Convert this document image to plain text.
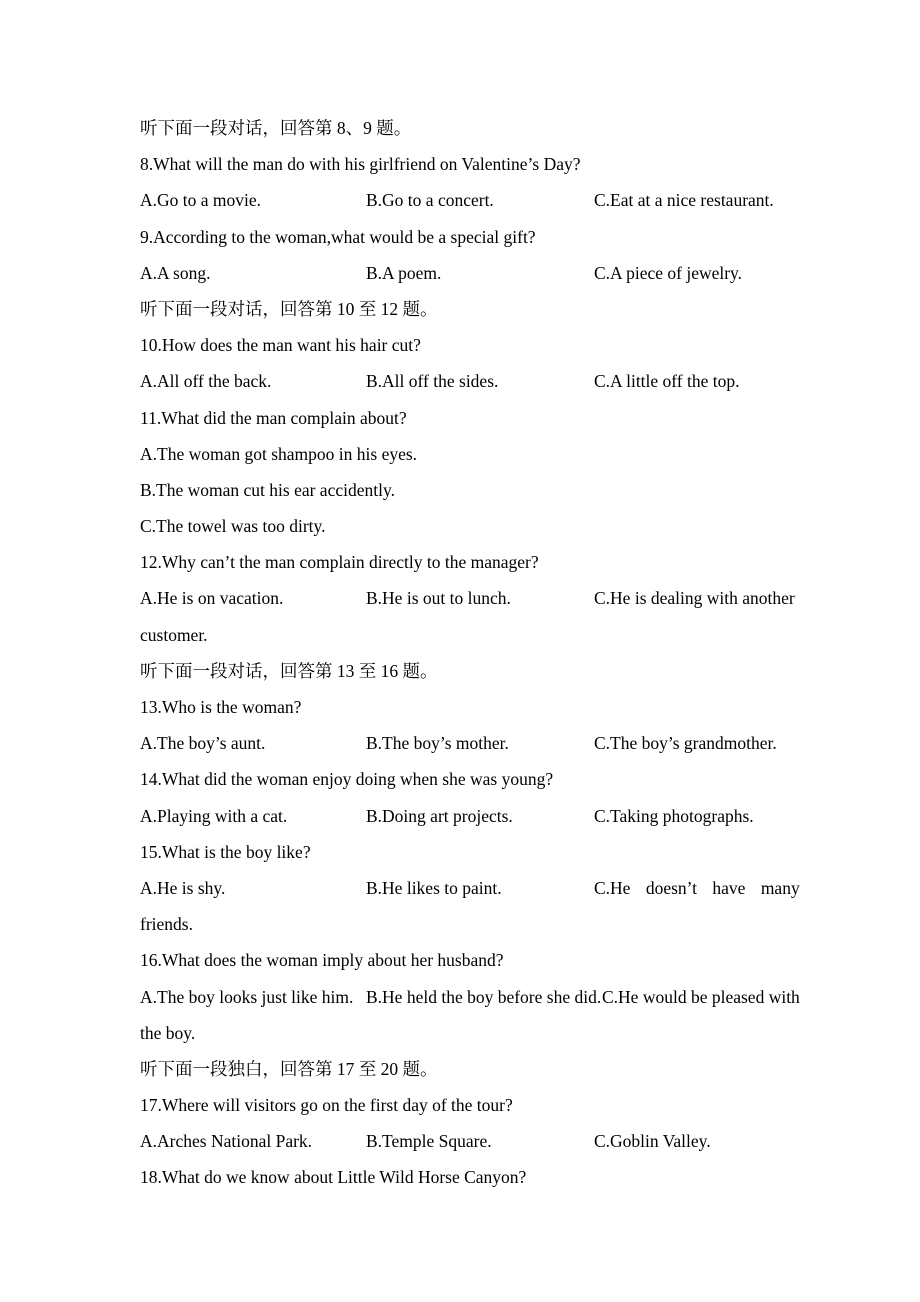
听下面一段对话，回答第 8、9 题。
8.What will the man do with his girlfriend on Valentine’s Day?
A.Go to a movie.	B.Go to a concert.	C.Eat at a nice restaurant.
9.According to the woman,what would be a special gift?
A.A song.	B.A poem.	C.A piece of jewelry.
听下面一段对话，回答第 10 至 12 题。
10.How does the man want his hair cut?
A.All off the back.	B.All off the sides.	C.A little off the top.
11.What did the man complain about?
A.The woman got shampoo in his eyes.
B.The woman cut his ear accidently.
C.The towel was too dirty.
12.Why can’t the man complain directly to the manager?
A.He is on vacation.	B.He is out to lunch.	C.He is dealing with another
customer.
听下面一段对话，回答第 13 至 16 题。
13.Who is the woman?
A.The boy’s aunt.	B.The boy’s mother.	C.The boy’s grandmother.
14.What did the woman enjoy doing when she was young?
A.Playing with a cat.	B.Doing art projects.	C.Taking photographs.
15.What is the boy like?
A.He is shy.	B.He likes to paint.	C.He doesn’t have many
friends.
16.What does the woman imply about her husband?
A.The boy looks just like him. B.He held the boy before she did. C.He would be pleased with
the boy.
听下面一段独白，回答第 17 至 20 题。
17.Where will visitors go on the first day of the tour?
A.Arches National Park.	B.Temple Square.	C.Goblin Valley.
18.What do we know about Little Wild Horse Canyon?
